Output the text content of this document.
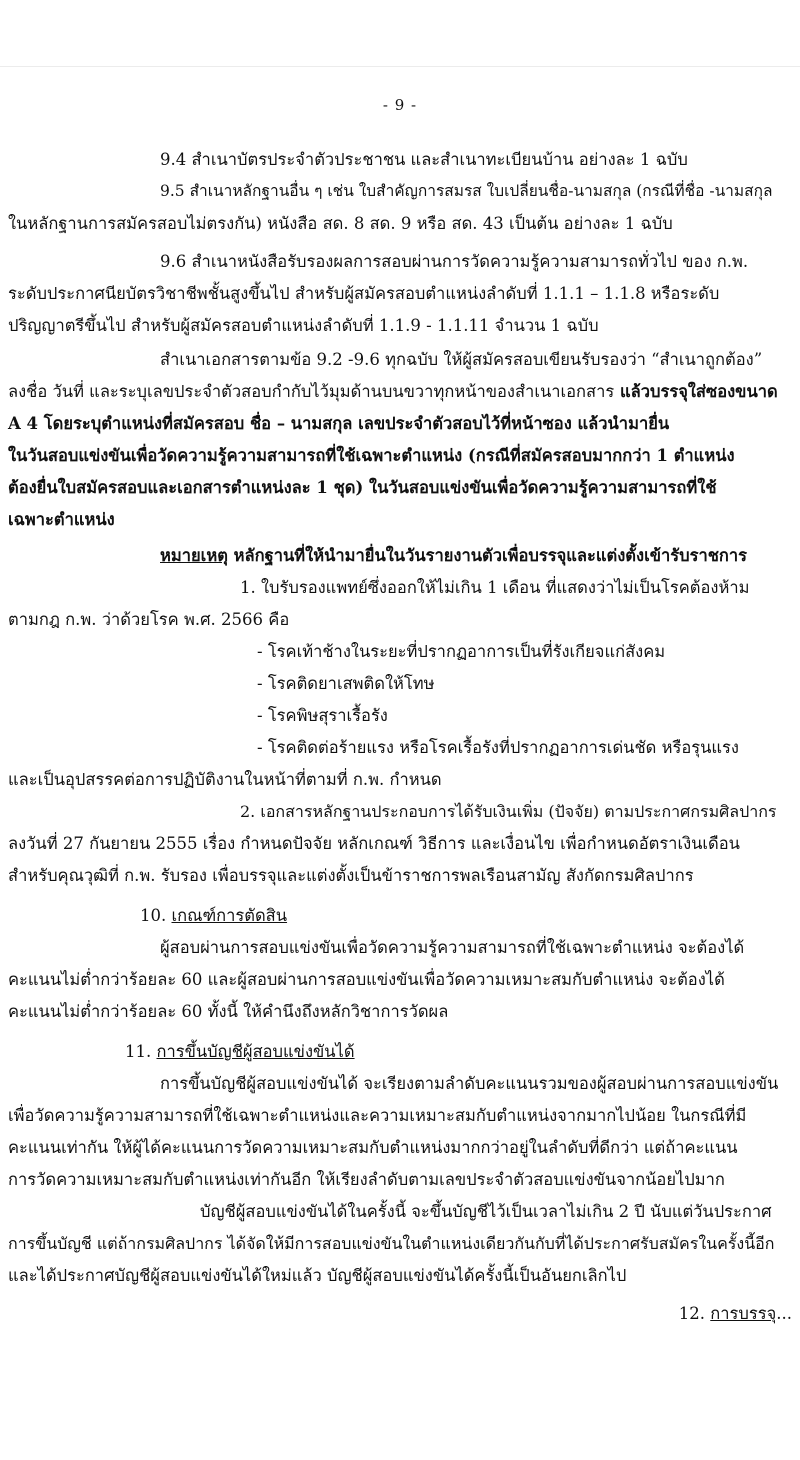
- 9 -
9.4 สำเนาบัตรประจำตัวประชาชน และสำเนาทะเบียนบ้าน อย่างละ 1 ฉบับ
9.5 สำเนาหลักฐานอื่น ๆ เช่น ใบสำคัญการสมรส ใบเปลี่ยนชื่อ-นามสกุล (กรณีที่ชื่อ -นามสกุล
ในหลักฐานการสมัครสอบไม่ตรงกัน) หนังสือ สด. 8 สด. 9 หรือ สด. 43 เป็นต้น อย่างละ 1 ฉบับ
9.6 สำเนาหนังสือรับรองผลการสอบผ่านการวัดความรู้ความสามารถทั่วไป ของ ก.พ.
ระดับประกาศนียบัตรวิชาชีพชั้นสูงขึ้นไป สำหรับผู้สมัครสอบตำแหน่งลำดับที่ 1.1.1 – 1.1.8 หรือระดับ
ปริญญาตรีขึ้นไป สำหรับผู้สมัครสอบตำแหน่งลำดับที่ 1.1.9 - 1.1.11 จำนวน 1 ฉบับ
สำเนาเอกสารตามข้อ 9.2 -9.6 ทุกฉบับ ให้ผู้สมัครสอบเขียนรับรองว่า “สำเนาถูกต้อง”
ลงชื่อ วันที่ และระบุเลขประจำตัวสอบกำกับไว้มุมด้านบนขวาทุกหน้าของสำเนาเอกสาร แล้วบรรจุใส่ซองขนาด
A 4 โดยระบุตำแหน่งที่สมัครสอบ ชื่อ – นามสกุล เลขประจำตัวสอบไว้ที่หน้าซอง แล้วนำมายื่น
ในวันสอบแข่งขันเพื่อวัดความรู้ความสามารถที่ใช้เฉพาะตำแหน่ง (กรณีที่สมัครสอบมากกว่า 1 ตำแหน่ง
ต้องยื่นใบสมัครสอบและเอกสารตำแหน่งละ 1 ชุด) ในวันสอบแข่งขันเพื่อวัดความรู้ความสามารถที่ใช้
เฉพาะตำแหน่ง
หมายเหตุ หลักฐานที่ให้นำมายื่นในวันรายงานตัวเพื่อบรรจุและแต่งตั้งเข้ารับราชการ
1. ใบรับรองแพทย์ซึ่งออกให้ไม่เกิน 1 เดือน ที่แสดงว่าไม่เป็นโรคต้องห้าม
ตามกฎ ก.พ. ว่าด้วยโรค พ.ศ. 2566 คือ
- โรคเท้าช้างในระยะที่ปรากฏอาการเป็นที่รังเกียจแก่สังคม
- โรคติดยาเสพติดให้โทษ
- โรคพิษสุราเรื้อรัง
- โรคติดต่อร้ายแรง หรือโรคเรื้อรังที่ปรากฏอาการเด่นชัด หรือรุนแรง
และเป็นอุปสรรคต่อการปฏิบัติงานในหน้าที่ตามที่ ก.พ. กำหนด
2. เอกสารหลักฐานประกอบการได้รับเงินเพิ่ม (ปัจจัย) ตามประกาศกรมศิลปากร
ลงวันที่ 27 กันยายน 2555 เรื่อง กำหนดปัจจัย หลักเกณฑ์ วิธีการ และเงื่อนไข เพื่อกำหนดอัตราเงินเดือน
สำหรับคุณวุฒิที่ ก.พ. รับรอง เพื่อบรรจุและแต่งตั้งเป็นข้าราชการพลเรือนสามัญ สังกัดกรมศิลปากร
10. เกณฑ์การตัดสิน
ผู้สอบผ่านการสอบแข่งขันเพื่อวัดความรู้ความสามารถที่ใช้เฉพาะตำแหน่ง จะต้องได้
คะแนนไม่ต่ำกว่าร้อยละ 60 และผู้สอบผ่านการสอบแข่งขันเพื่อวัดความเหมาะสมกับตำแหน่ง จะต้องได้
คะแนนไม่ต่ำกว่าร้อยละ 60 ทั้งนี้ ให้คำนึงถึงหลักวิชาการวัดผล
11. การขึ้นบัญชีผู้สอบแข่งขันได้
การขึ้นบัญชีผู้สอบแข่งขันได้ จะเรียงตามลำดับคะแนนรวมของผู้สอบผ่านการสอบแข่งขัน
เพื่อวัดความรู้ความสามารถที่ใช้เฉพาะตำแหน่งและความเหมาะสมกับตำแหน่งจากมากไปน้อย ในกรณีที่มี
คะแนนเท่ากัน ให้ผู้ได้คะแนนการวัดความเหมาะสมกับตำแหน่งมากกว่าอยู่ในลำดับที่ดีกว่า แต่ถ้าคะแนน
การวัดความเหมาะสมกับตำแหน่งเท่ากันอีก ให้เรียงลำดับตามเลขประจำตัวสอบแข่งขันจากน้อยไปมาก
บัญชีผู้สอบแข่งขันได้ในครั้งนี้ จะขึ้นบัญชีไว้เป็นเวลาไม่เกิน 2 ปี นับแต่วันประกาศ
การขึ้นบัญชี แต่ถ้ากรมศิลปากร ได้จัดให้มีการสอบแข่งขันในตำแหน่งเดียวกันกับที่ได้ประกาศรับสมัครในครั้งนี้อีก
และได้ประกาศบัญชีผู้สอบแข่งขันได้ใหม่แล้ว บัญชีผู้สอบแข่งขันได้ครั้งนี้เป็นอันยกเลิกไป
12. การบรรจุ...
